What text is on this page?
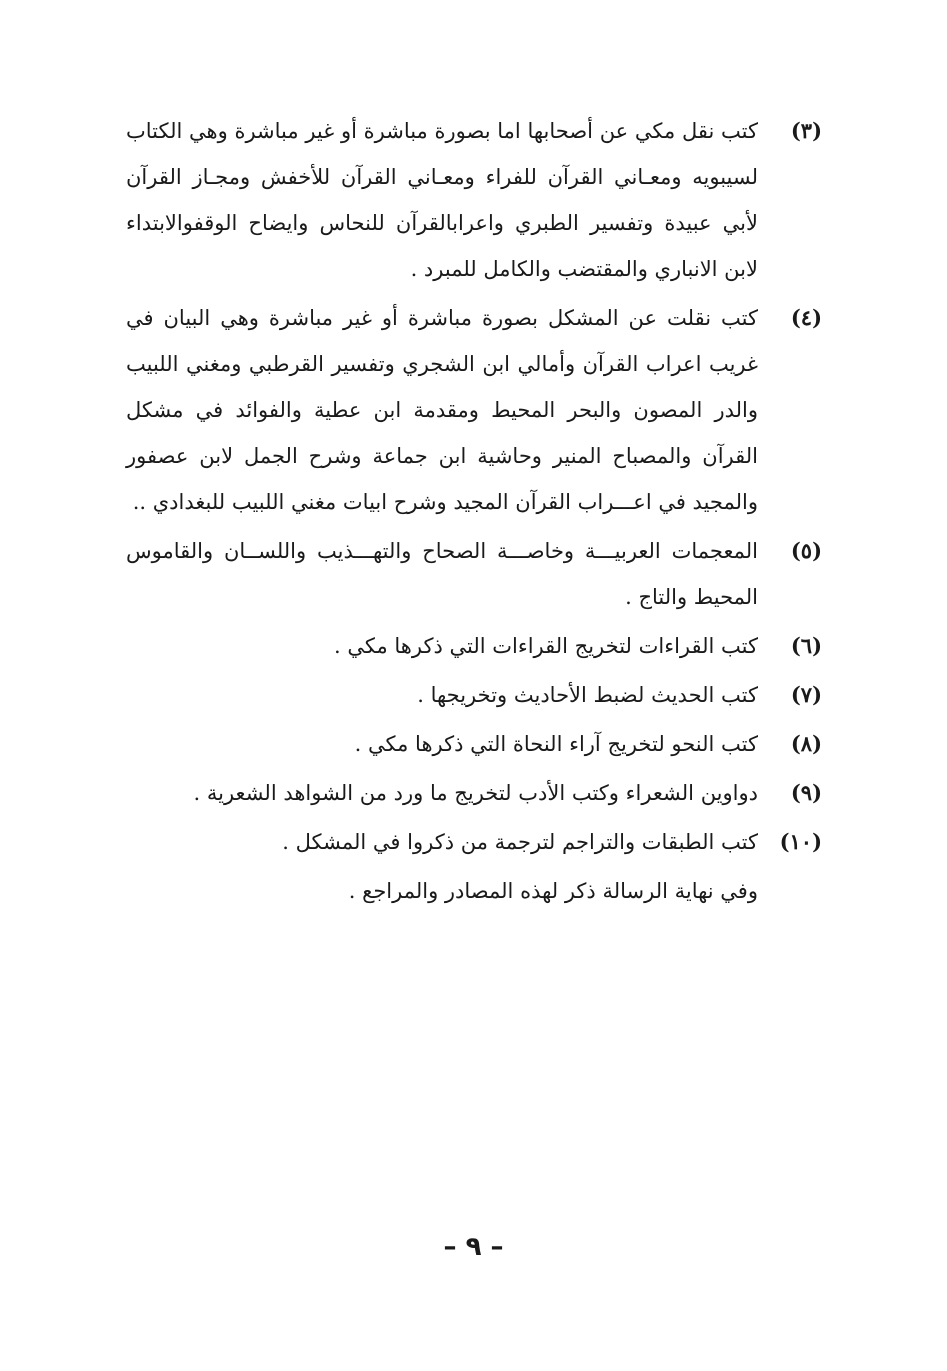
(٣)
كتب نقل مكي عن أصحابها اما بصورة مباشرة أو غير مباشرة وهي الكتاب لسيبويه ومعـاني القرآن للفراء ومعـاني القرآن للأخفش ومجـاز القرآن لأبي عبيدة وتفسير الطبري واعرابالقرآن للنحاس وايضاح الوقفوالابتداء لابن الانباري والمقتضب والكامل للمبرد .
(٤)
كتب نقلت عن المشكل بصورة مباشرة أو غير مباشرة وهي البيان في غريب اعراب القرآن وأمالي ابن الشجري وتفسير القرطبي ومغني اللبيب والدر المصون والبحر المحيط ومقدمة ابن عطية والفوائد في مشكل القرآن والمصباح المنير وحاشية ابن جماعة وشرح الجمل لابن عصفور والمجيد في اعـــراب القرآن المجيد وشرح ابيات مغني اللبيب للبغدادي ..
(٥)
المعجمات العربيـــة وخاصـــة الصحاح والتهـــذيب واللســان والقاموس المحيط والتاج .
(٦)
كتب القراءات لتخريج القراءات التي ذكرها مكي .
(٧)
كتب الحديث لضبط الأحاديث وتخريجها .
(٨)
كتب النحو لتخريج آراء النحاة التي ذكرها مكي .
(٩)
دواوين الشعراء وكتب الأدب لتخريج ما ورد من الشواهد الشعرية .
(١٠)
كتب الطبقات والتراجم لترجمة من ذكروا في المشكل .
وفي نهاية الرسالة ذكر لهذه المصادر والمراجع .
– ٩ –
